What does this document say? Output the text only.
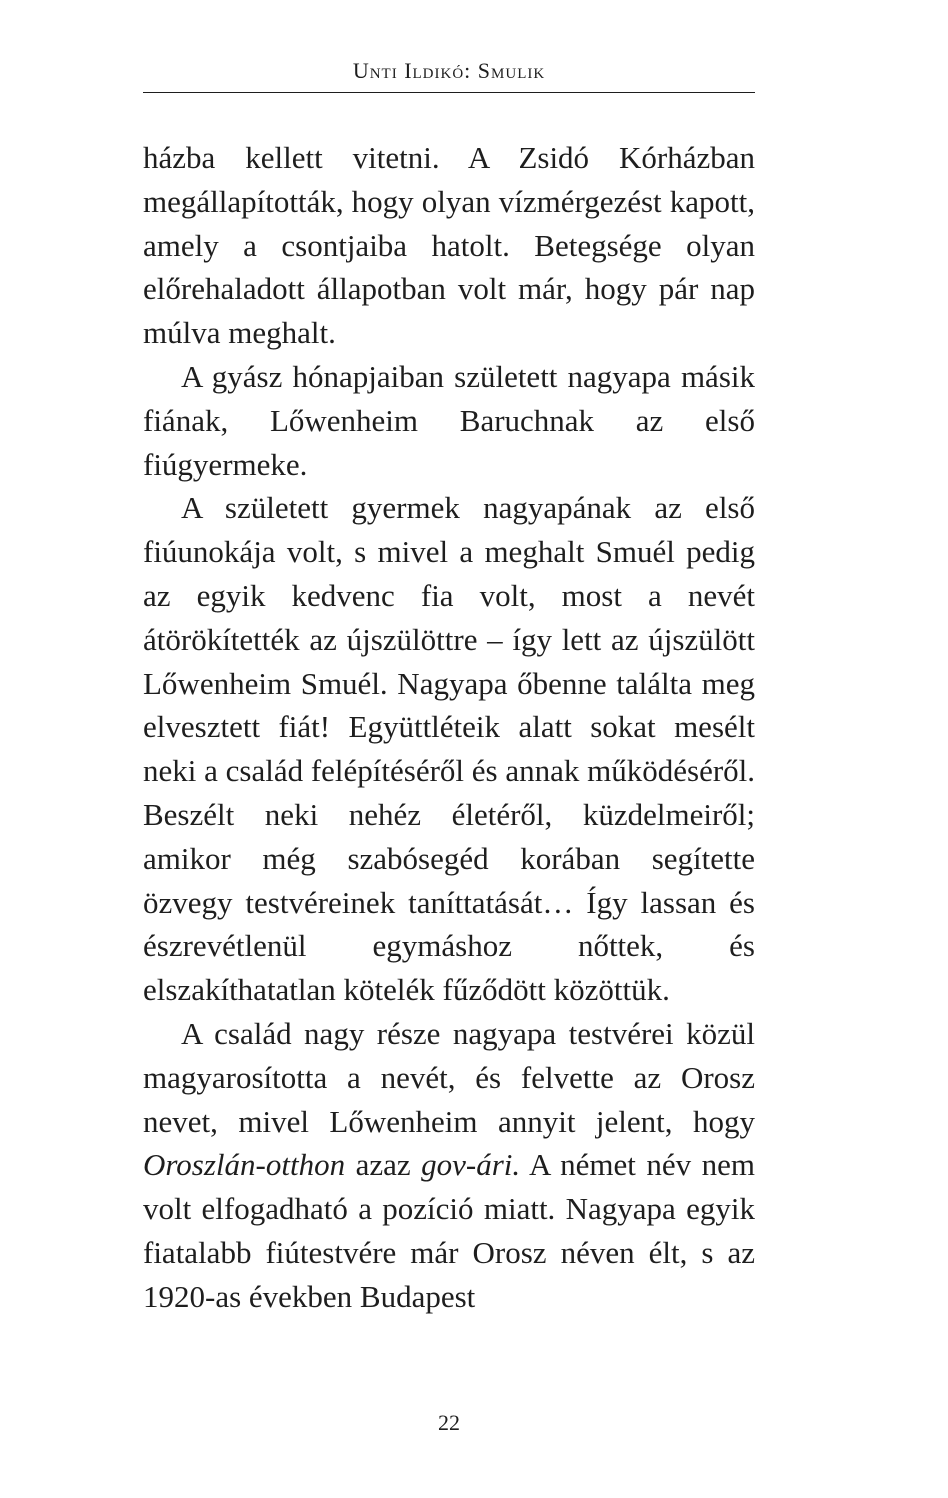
Unti Ildikó: Smulik

házba kellett vitetni. A Zsidó Kórházban megállapították, hogy olyan vízmérgezést kapott, amely a csontjaiba hatolt. Betegsége olyan előrehaladott állapotban volt már, hogy pár nap múlva meghalt.

A gyász hónapjaiban született nagyapa másik fiának, Lőwenheim Baruchnak az első fiúgyermeke.

A született gyermek nagyapának az első fiúunokája volt, s mivel a meghalt Smuél pedig az egyik kedvenc fia volt, most a nevét átörökítették az újszülöttre – így lett az újszülött Lőwenheim Smuél. Nagyapa őbenne találta meg elvesztett fiát! Együttléteik alatt sokat mesélt neki a család felépítéséről és annak működéséről. Beszélt neki nehéz életéről, küzdelmeiről; amikor még szabósegéd korában segítette özvegy testvéreinek taníttatását… Így lassan és észrevétlenül egymáshoz nőttek, és elszakíthatatlan kötelék fűződött közöttük.

A család nagy része nagyapa testvérei közül magyarosította a nevét, és felvette az Orosz nevet, mivel Lőwenheim annyit jelent, hogy Oroszlán-otthon azaz gov-ári. A német név nem volt elfogadható a pozíció miatt. Nagyapa egyik fiatalabb fiútestvére már Orosz néven élt, s az 1920-as években Budapest

22
